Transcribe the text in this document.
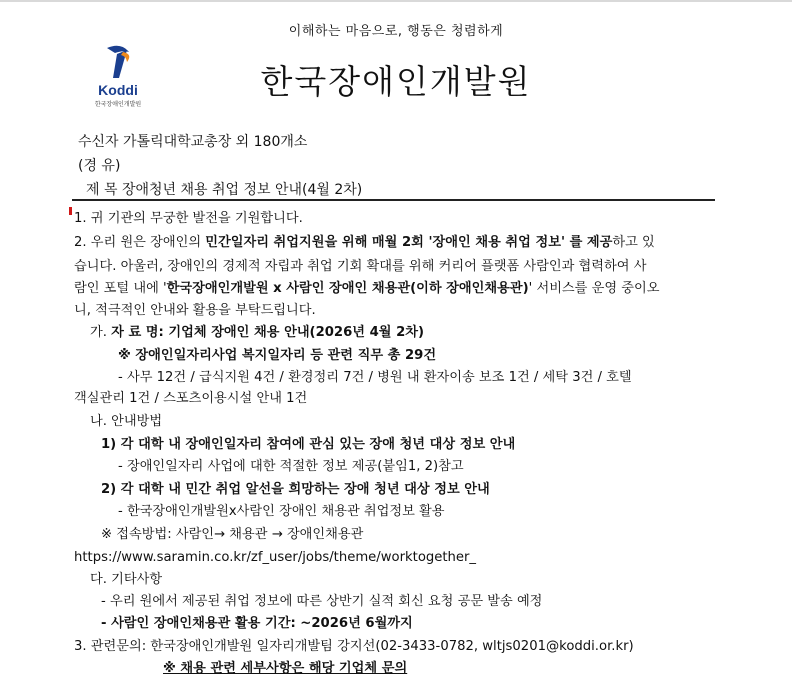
이해하는 마음으로, 행동은 청렴하게
Koddi
한국장애인개발원
한국장애인개발원
수신자 가톨릭대학교총장 외 180개소
(경 유)
제 목 장애청년 채용 취업 정보 안내(4월 2차)
1. 귀 기관의 무궁한 발전을 기원합니다.
2. 우리 원은 장애인의 민간일자리 취업지원을 위해 매월 2회 '장애인 채용 취업 정보' 를 제공하고 있
습니다. 아울러, 장애인의 경제적 자립과 취업 기회 확대를 위해 커리어 플랫폼 사람인과 협력하여 사
람인 포털 내에 '한국장애인개발원 x 사람인 장애인 채용관(이하 장애인채용관)' 서비스를 운영 중이오
니, 적극적인 안내와 활용을 부탁드립니다.
가. 자 료 명: 기업체 장애인 채용 안내(2026년 4월 2차)
※ 장애인일자리사업 복지일자리 등 관련 직무 총 29건
- 사무 12건 / 급식지원 4건 / 환경정리 7건 / 병원 내 환자이송 보조 1건 / 세탁 3건 / 호텔
객실관리 1건 / 스포츠이용시설 안내 1건
나. 안내방법
1) 각 대학 내 장애인일자리 참여에 관심 있는 장애 청년 대상 정보 안내
- 장애인일자리 사업에 대한 적절한 정보 제공(붙임1, 2)참고
2) 각 대학 내 민간 취업 알선을 희망하는 장애 청년 대상 정보 안내
- 한국장애인개발원x사람인 장애인 채용관 취업정보 활용
※ 접속방법: 사람인→ 채용관 → 장애인채용관
https://www.saramin.co.kr/zf_user/jobs/theme/worktogether_
다. 기타사항
- 우리 원에서 제공된 취업 정보에 따른 상반기 실적 회신 요청 공문 발송 예정
- 사람인 장애인채용관 활용 기간: ~2026년 6월까지
3. 관련문의: 한국장애인개발원 일자리개발팀 강지선(02-3433-0782, wltjs0201@koddi.or.kr)
※ 채용 관련 세부사항은 해당 기업체 문의
